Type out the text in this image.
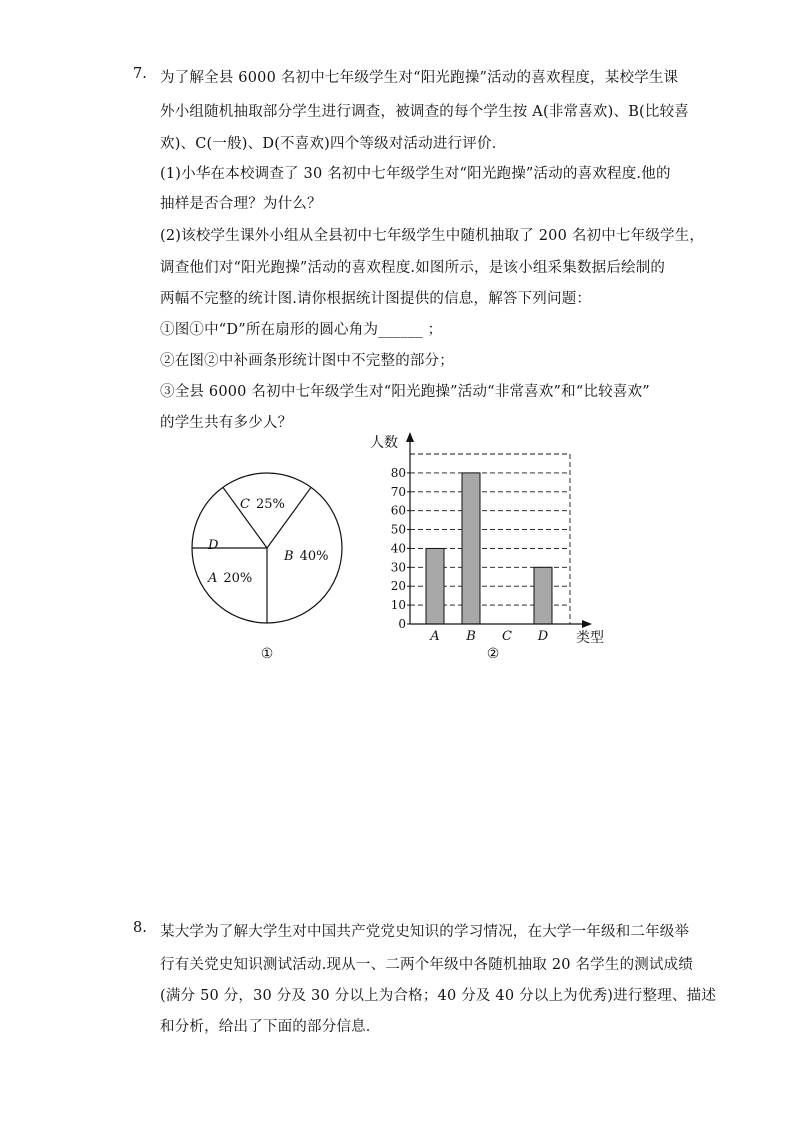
7. 为了解全县 6000 名初中七年级学生对“阳光跑操”活动的喜欢程度，某校学生课
外小组随机抽取部分学生进行调查，被调查的每个学生按 A(非常喜欢)、B(比较喜
欢)、C(一般)、D(不喜欢)四个等级对活动进行评价．
(1)小华在本校调查了 30 名初中七年级学生对“阳光跑操”活动的喜欢程度.他的
抽样是否合理？为什么？
(2)该校学生课外小组从全县初中七年级学生中随机抽取了 200 名初中七年级学生，
调查他们对“阳光跑操”活动的喜欢程度.如图所示，是该小组采集数据后绘制的
两幅不完整的统计图.请你根据统计图提供的信息，解答下列问题：
①图①中“D”所在扇形的圆心角为______ ；
②在图②中补画条形统计图中不完整的部分；
③全县 6000 名初中七年级学生对“阳光跑操”活动“非常喜欢”和“比较喜欢”
的学生共有多少人？
B 40%
A 20%
D
C 25%
①
A B C D
0
10
20
30
40
50
60
70
80
人数
类型
②
8. 某大学为了解大学生对中国共产党党史知识的学习情况，在大学一年级和二年级举
行有关党史知识测试活动.现从一、二两个年级中各随机抽取 20 名学生的测试成绩
(满分 50 分，30 分及 30 分以上为合格；40 分及 40 分以上为优秀)进行整理、描述
和分析，给出了下面的部分信息．
